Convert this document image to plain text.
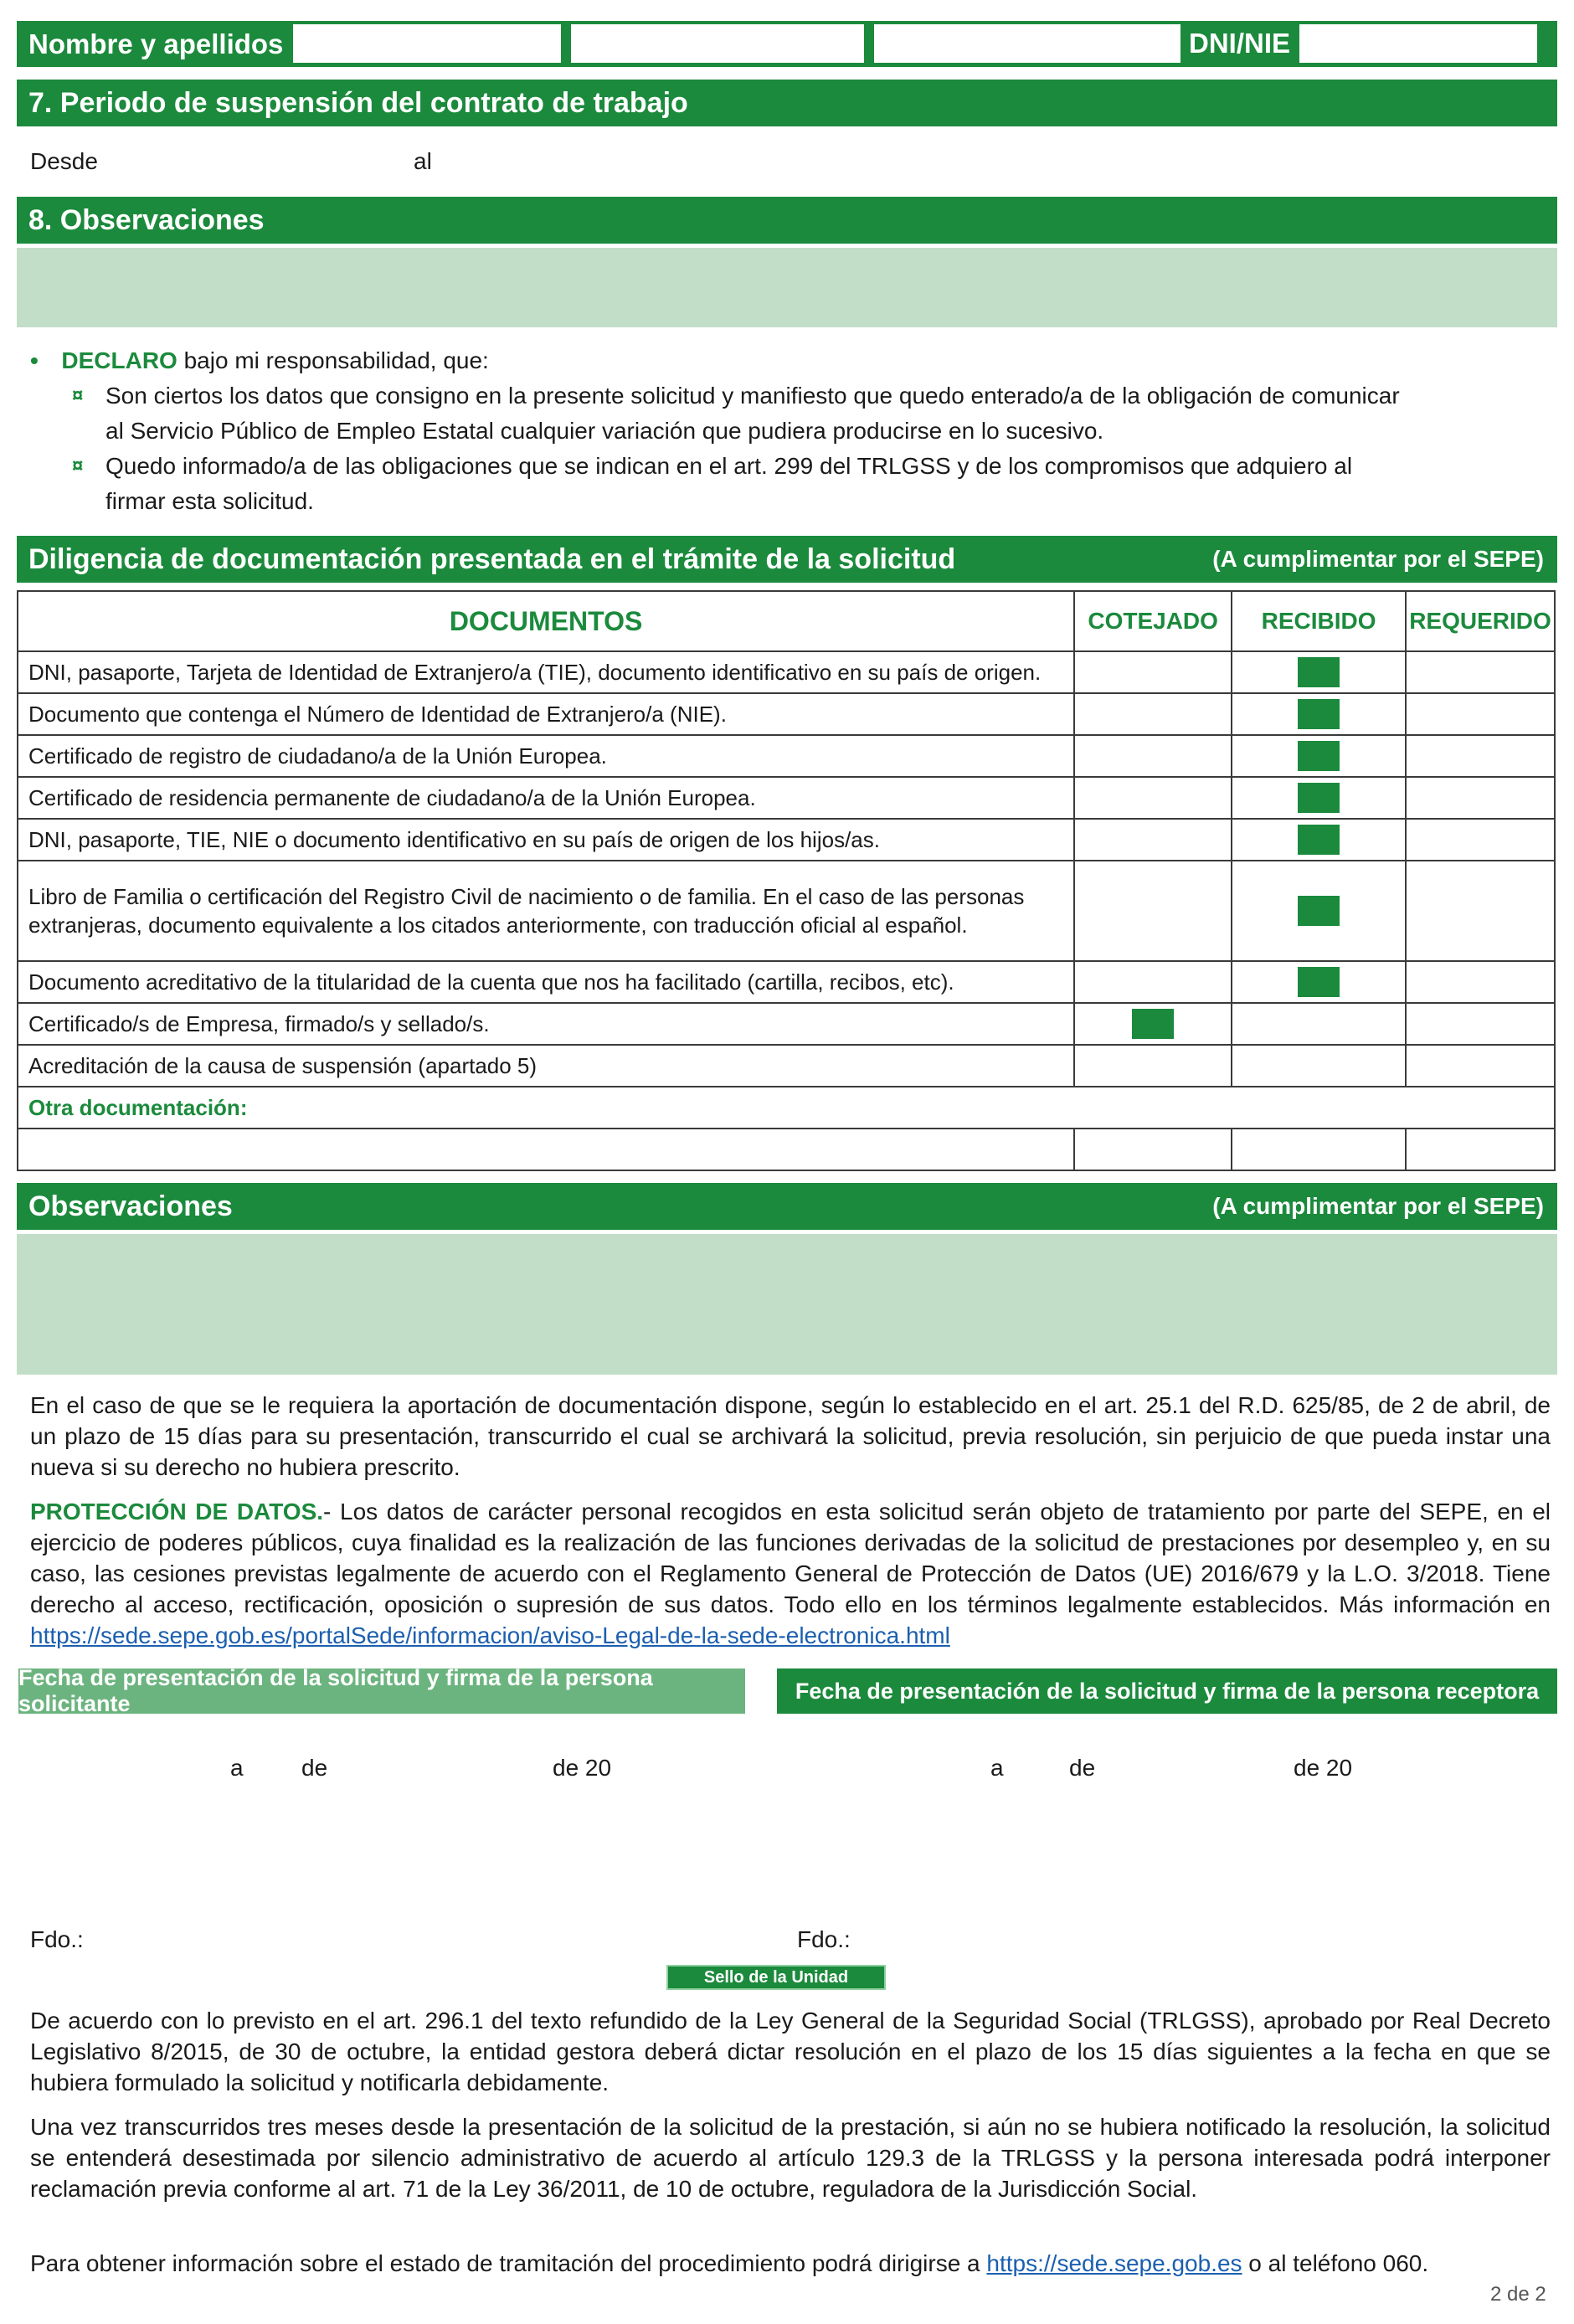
Nombre y apellidos	DNI/NIE
7. Periodo de suspensión del contrato de trabajo
Desde	al
8. Observaciones
• DECLARO bajo mi responsabilidad, que:
¤ Son ciertos los datos que consigno en la presente solicitud y manifiesto que quedo enterado/a de la obligación de comunicar
al Servicio Público de Empleo Estatal cualquier variación que pudiera producirse en lo sucesivo.
¤ Quedo informado/a de las obligaciones que se indican en el art. 299 del TRLGSS y de los compromisos que adquiero al
firmar esta solicitud.
Diligencia de documentación presentada en el trámite de la solicitud	(A cumplimentar por el SEPE)
DOCUMENTOS	COTEJADO	RECIBIDO	REQUERIDO
DNI, pasaporte, Tarjeta de Identidad de Extranjero/a (TIE), documento identificativo en su país de origen.		

Documento que contenga el Número de Identidad de Extranjero/a (NIE).		

Certificado de registro de ciudadano/a de la Unión Europea.		

Certificado de residencia permanente de ciudadano/a de la Unión Europea.		

DNI, pasaporte, TIE, NIE o documento identificativo en su país de origen de los hijos/as.		

Libro de Familia o certificación del Registro Civil de nacimiento o de familia. En el caso de las personas extranjeras, documento equivalente a los citados anteriormente, con traducción oficial al español.		

Documento acreditativo de la titularidad de la cuenta que nos ha facilitado (cartilla, recibos, etc).		

Certificado/s de Empresa, firmado/s y sellado/s.	

Acreditación de la causa de suspensión (apartado 5)			
Otra documentación:			

Observaciones	(A cumplimentar por el SEPE)
En el caso de que se le requiera la aportación de documentación dispone, según lo establecido en el art. 25.1 del R.D. 625/85, de 2 de abril, de un plazo de 15 días para su presentación, transcurrido el cual se archivará la solicitud, previa resolución, sin perjuicio de que pueda instar una nueva si su derecho no hubiera prescrito.
PROTECCIÓN DE DATOS.- Los datos de carácter personal recogidos en esta solicitud serán objeto de tratamiento por parte del SEPE, en el ejercicio de poderes públicos, cuya finalidad es la realización de las funciones derivadas de la solicitud de prestaciones por desempleo y, en su caso, las cesiones previstas legalmente de acuerdo con el Reglamento General de Protección de Datos (UE) 2016/679 y la L.O. 3/2018. Tiene derecho al acceso, rectificación, oposición o supresión de sus datos. Todo ello en los términos legalmente establecidos. Más información en https://sede.sepe.gob.es/portalSede/informacion/aviso-Legal-de-la-sede-electronica.html
Fecha de presentación de la solicitud y firma de la persona solicitante
Fecha de presentación de la solicitud y firma de la persona receptora
a de	de 20	a	de	de 20
Fdo.:	Fdo.:
Sello de la Unidad
De acuerdo con lo previsto en el art. 296.1 del texto refundido de la Ley General de la Seguridad Social (TRLGSS), aprobado por Real Decreto Legislativo 8/2015, de 30 de octubre, la entidad gestora deberá dictar resolución en el plazo de los 15 días siguientes a la fecha en que se hubiera formulado la solicitud y notificarla debidamente.
Una vez transcurridos tres meses desde la presentación de la solicitud de la prestación, si aún no se hubiera notificado la resolución, la solicitud se entenderá desestimada por silencio administrativo de acuerdo al artículo 129.3 de la TRLGSS y la persona interesada podrá interponer reclamación previa conforme al art. 71 de la Ley 36/2011, de 10 de octubre, reguladora de la Jurisdicción Social.
Para obtener información sobre el estado de tramitación del procedimiento podrá dirigirse a https://sede.sepe.gob.es o al teléfono 060.
2 de 2
